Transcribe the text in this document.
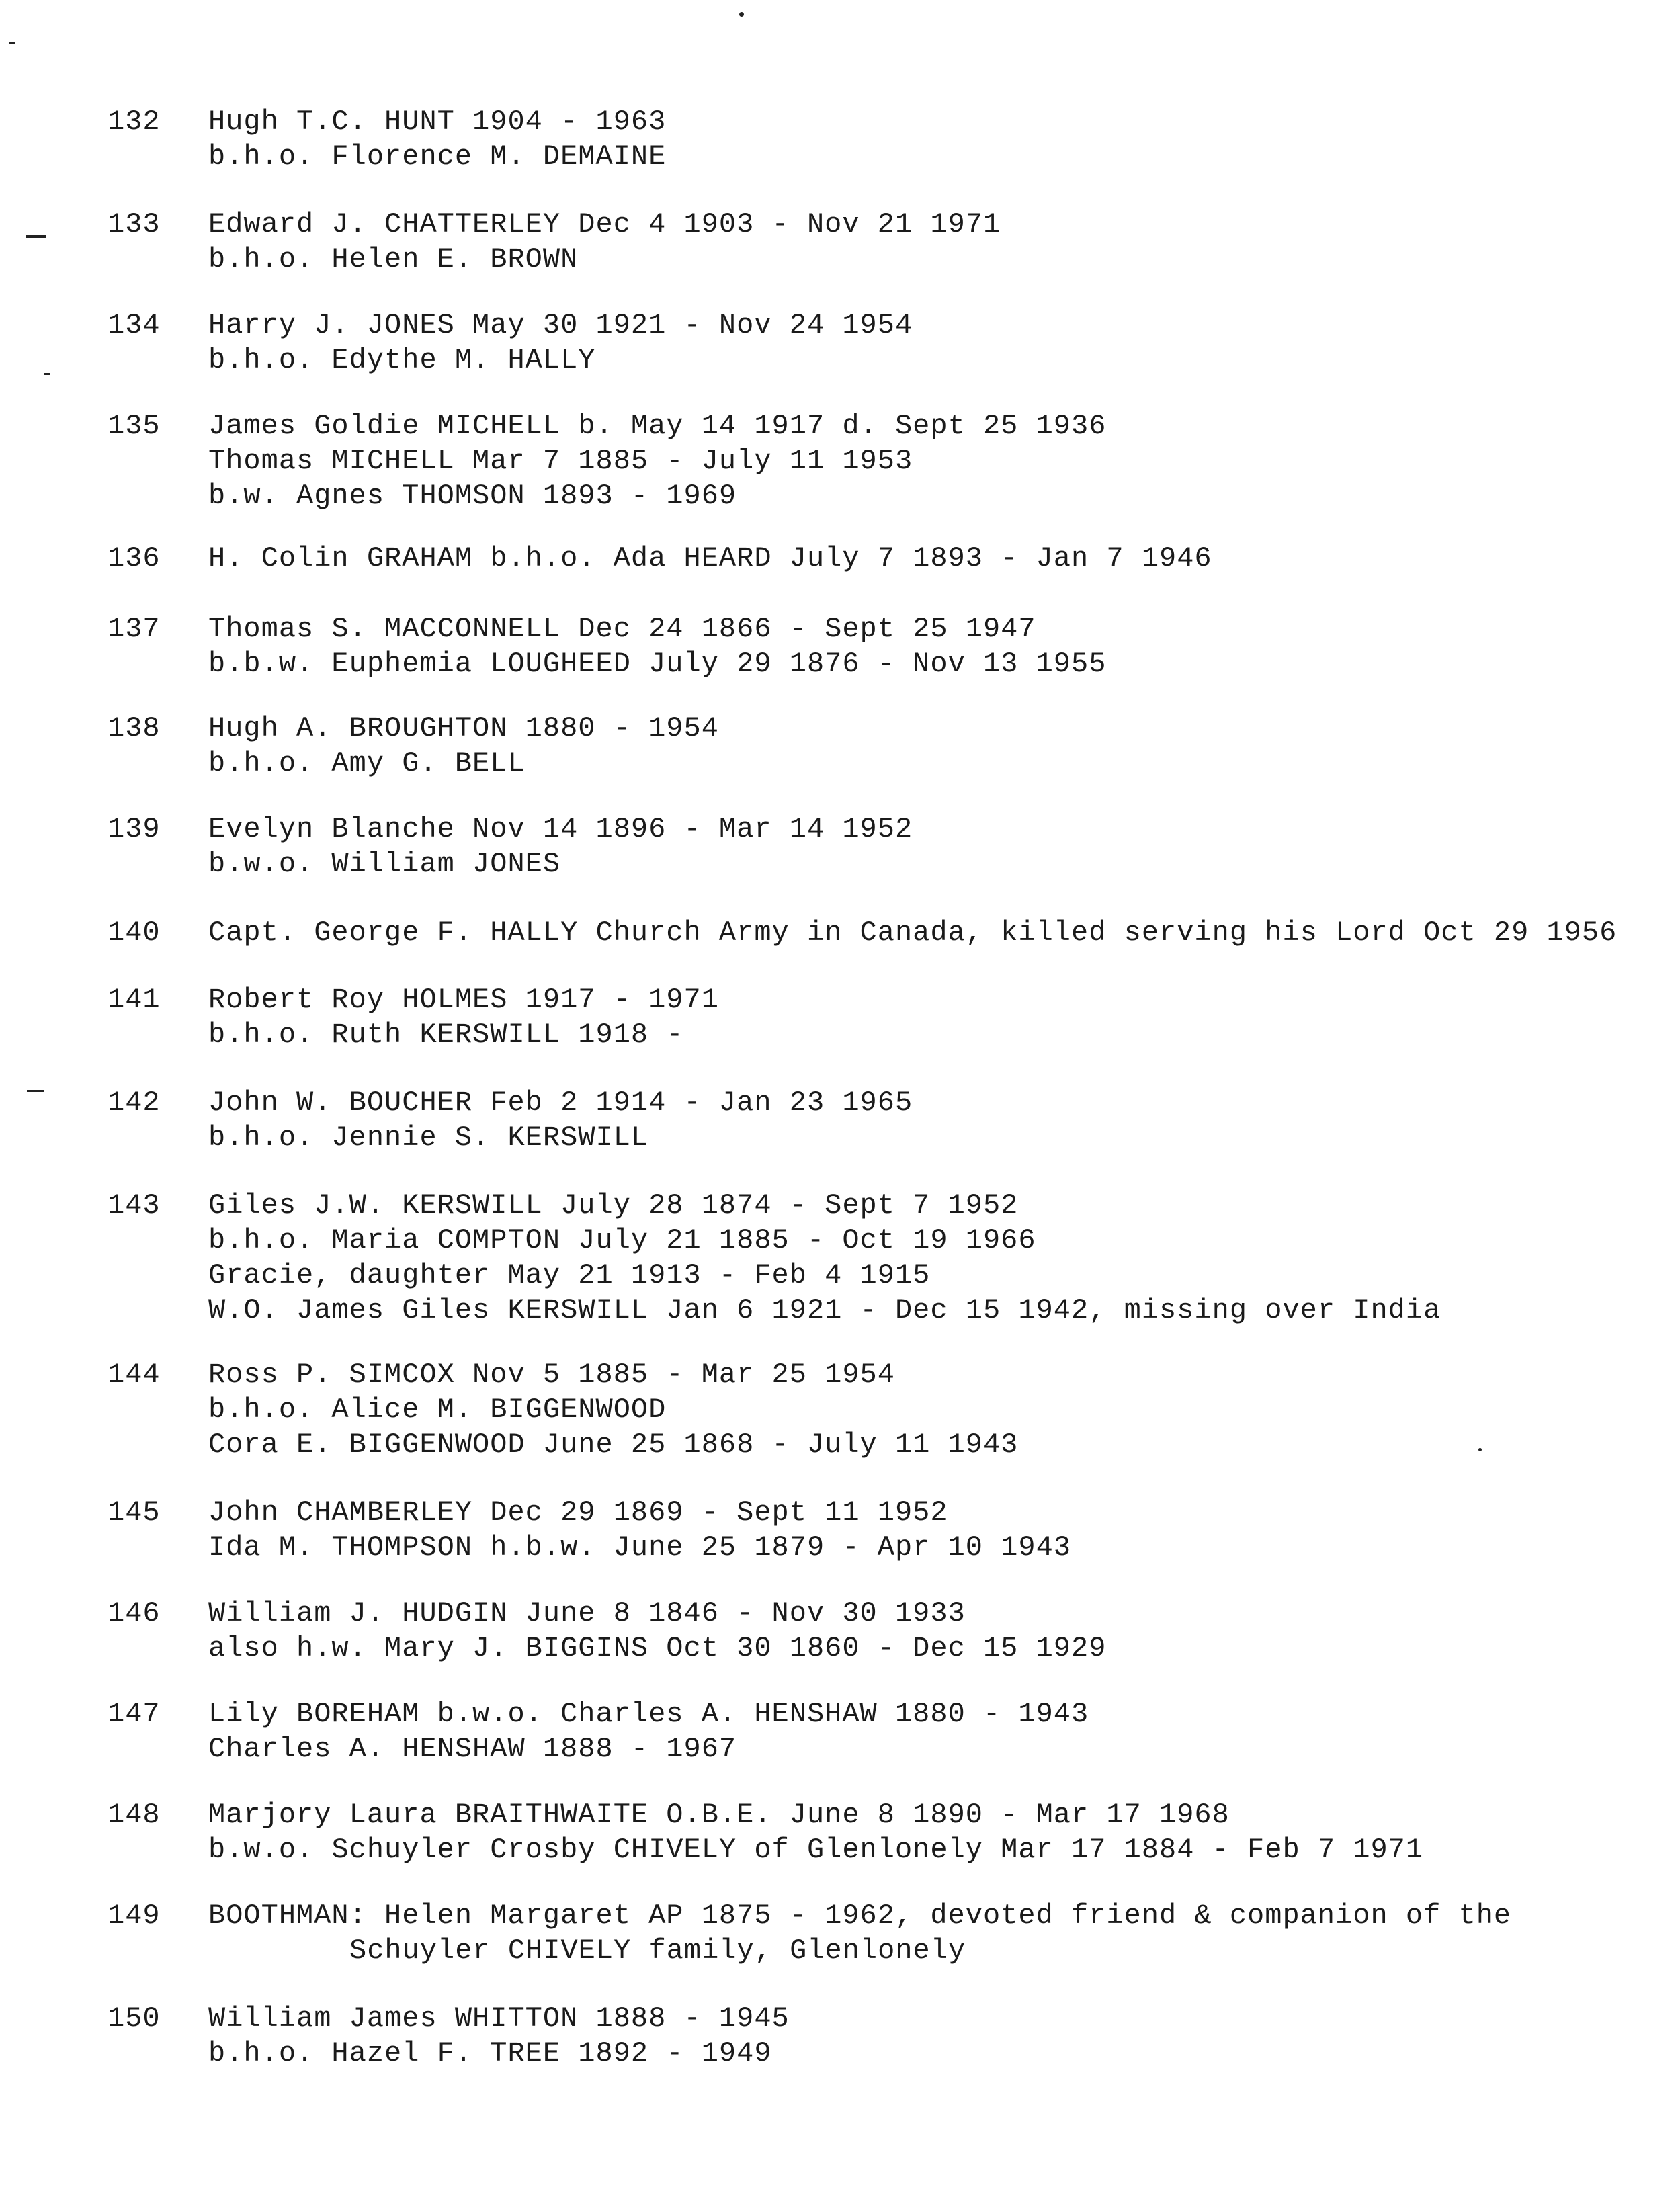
132	Hugh T.C. HUNT 1904 - 1963
b.h.o. Florence M. DEMAINE
133	Edward J. CHATTERLEY Dec 4 1903 - Nov 21 1971
b.h.o. Helen E. BROWN
134	Harry J. JONES May 30 1921 - Nov 24 1954
b.h.o. Edythe M. HALLY
135	James Goldie MICHELL b. May 14 1917 d. Sept 25 1936
Thomas MICHELL Mar 7 1885 - July 11 1953
b.w. Agnes THOMSON 1893 - 1969
136	H. Colin GRAHAM b.h.o. Ada HEARD July 7 1893 - Jan 7 1946
137	Thomas S. MACCONNELL Dec 24 1866 - Sept 25 1947
b.b.w. Euphemia LOUGHEED July 29 1876 - Nov 13 1955
138	Hugh A. BROUGHTON 1880 - 1954
b.h.o. Amy G. BELL
139	Evelyn Blanche Nov 14 1896 - Mar 14 1952
b.w.o. William JONES
140	Capt. George F. HALLY Church Army in Canada, killed serving his Lord Oct 29 1956
141	Robert Roy HOLMES 1917 - 1971
b.h.o. Ruth KERSWILL 1918 -
142	John W. BOUCHER Feb 2 1914 - Jan 23 1965
b.h.o. Jennie S. KERSWILL
143	Giles J.W. KERSWILL July 28 1874 - Sept 7 1952
b.h.o. Maria COMPTON July 21 1885 - Oct 19 1966
Gracie, daughter May 21 1913 - Feb 4 1915
W.O. James Giles KERSWILL Jan 6 1921 - Dec 15 1942, missing over India
144	Ross P. SIMCOX Nov 5 1885 - Mar 25 1954
b.h.o. Alice M. BIGGENWOOD
Cora E. BIGGENWOOD June 25 1868 - July 11 1943
145	John CHAMBERLEY Dec 29 1869 - Sept 11 1952
Ida M. THOMPSON h.b.w. June 25 1879 - Apr 10 1943
146	William J. HUDGIN June 8 1846 - Nov 30 1933
also h.w. Mary J. BIGGINS Oct 30 1860 - Dec 15 1929
147	Lily BOREHAM b.w.o. Charles A. HENSHAW 1880 - 1943
Charles A. HENSHAW 1888 - 1967
148	Marjory Laura BRAITHWAITE O.B.E. June 8 1890 - Mar 17 1968
b.w.o. Schuyler Crosby CHIVELY of Glenlonely Mar 17 1884 - Feb 7 1971
149	BOOTHMAN: Helen Margaret AP 1875 - 1962, devoted friend & companion of the
Schuyler CHIVELY family, Glenlonely
150	William James WHITTON 1888 - 1945
b.h.o. Hazel F. TREE 1892 - 1949
